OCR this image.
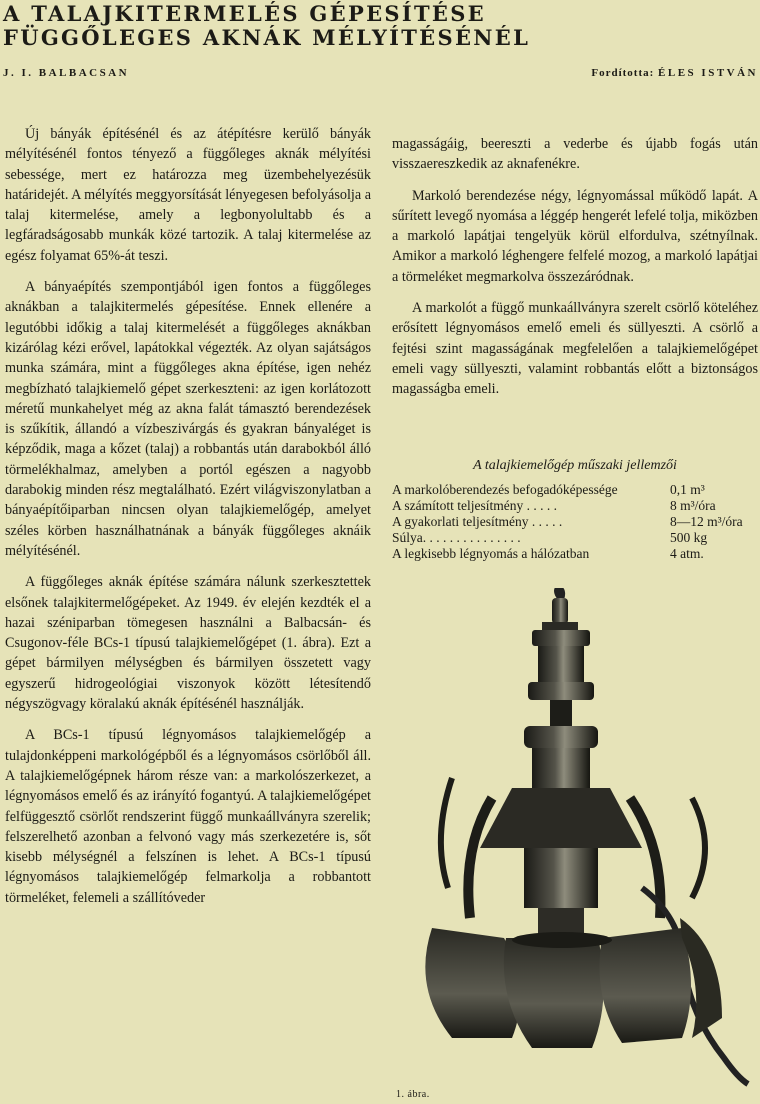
A TALAJKITERMELÉS GÉPESÍTÉSE
FÜGGŐLEGES AKNÁK MÉLYÍTÉSÉNÉL
J. I. BALBACSAN	Fordította: ÉLES ISTVÁN

Új bányák építésénél és az átépítésre kerülő bányák mélyítésénél fontos tényező a függőleges aknák mélyítési sebessége, mert ez határozza meg üzembehelyezésük határidejét. A mélyítés meggyorsítását lényegesen befolyásolja a talaj kitermelése, amely a legbonyolultabb és a legfáradságosabb munkák közé tartozik. A talaj kitermelése az egész folyamat 65%-át teszi.

A bányaépítés szempontjából igen fontos a függőleges aknákban a talajkitermelés gépesítése. Ennek ellenére a legutóbbi időkig a talaj kitermelését a függőleges aknákban kizárólag kézi erővel, lapátokkal végezték. Az olyan sajátságos munka számára, mint a függőleges akna építése, igen nehéz megbízható talajkiemelő gépet szerkeszteni: az igen korlátozott méretű munkahelyet még az akna falát támasztó berendezések is szűkítik, állandó a vízbeszivárgás és gyakran bányaléget is képződik, maga a kőzet (talaj) a robbantás után darabokból álló törmelékhalmaz, amelyben a portól egészen a nagyobb darabokig minden rész megtalálható. Ezért világviszonylatban a bányaépítőiparban nincsen olyan talajkiemelőgép, amelyet széles körben használhatnának a bányák függőleges aknáik mélyítésénél.

A függőleges aknák építése számára nálunk szerkesztettek elsőnek talajkitermelőgépeket. Az 1949. év elején kezdték el a hazai széniparban tömegesen használni a Balbacsán- és Csugonov-féle BCs-1 típusú talajkiemelőgépet (1. ábra). Ezt a gépet bármilyen mélységben és bármilyen összetett vagy egyszerű hidrogeológiai viszonyok között létesítendő négyszögvagy köralakú aknák építésénél használják.

A BCs-1 típusú légnyomásos talajkiemelőgép a tulajdonképpeni markológépből és a légnyomásos csörlőből áll. A talajkiemelőgépnek három része van: a markolószerkezet, a légnyomásos emelő és az irányító fogantyú. A talajkiemelőgépet felfüggesztő csörlőt rendszerint függő munkaállványra szerelik; felszerelhető azonban a felvonó vagy más szerkezetére is, sőt kisebb mélységnél a felszínen is lehet. A BCs-1 típusú légnyomásos talajkiemelőgép felmarkolja a robbantott törmeléket, felemeli a szállítóveder

magasságáig, beereszti a vederbe és újabb fogás után visszaereszkedik az aknafenékre.

Markoló berendezése négy, légnyomással működő lapát. A sűrített levegő nyomása a léggép hengerét lefelé tolja, miközben a markoló lapátjai tengelyük körül elfordulva, szétnyílnak. Amikor a markoló léghengere felfelé mozog, a markoló lapátjai a törmeléket megmarkolva összezáródnak.

A markolót a függő munkaállványra szerelt csörlő köteléhez erősített légnyomásos emelő emeli és süllyeszti. A csörlő a fejtési szint magasságának megfelelően a talajkiemelőgépet emeli vagy süllyeszti, valamint robbantás előtt a biztonságos magasságba emeli.

A talajkiemelőgép műszaki jellemzői
A markolóberendezés befogadóképessége	0,1 m³
A számított teljesítmény . . . . .	8 m³/óra
A gyakorlati teljesítmény . . . . .	8—12 m³/óra
Súlya. . . . . . . . . . . . . . .	500 kg
A legkisebb légnyomás a hálózatban	4 atm.
1. ábra.
